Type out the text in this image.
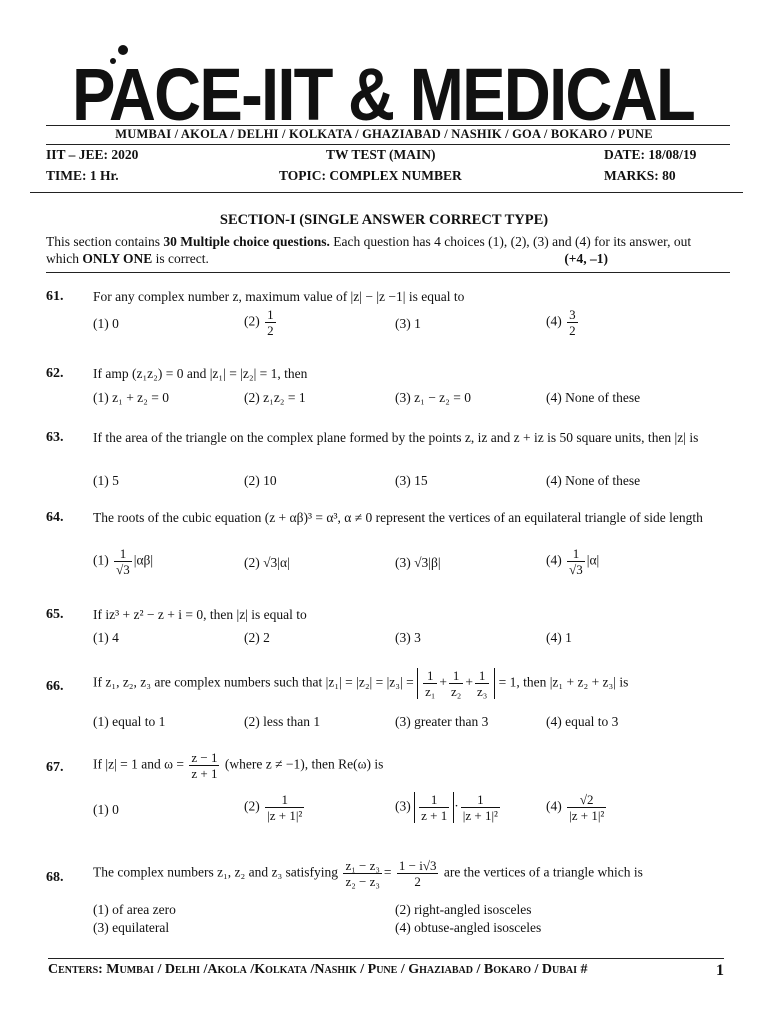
PACE-IIT & MEDICAL
MUMBAI / AKOLA / DELHI / KOLKATA / GHAZIABAD / NASHIK / GOA / BOKARO / PUNE
IIT – JEE: 2020	TW TEST (MAIN)	DATE: 18/08/19
TIME: 1 Hr.	TOPIC: COMPLEX NUMBER	MARKS: 80
SECTION-I (SINGLE ANSWER CORRECT TYPE)
This section contains 30 Multiple choice questions. Each question has 4 choices (1), (2), (3) and (4) for its answer, out which ONLY ONE is correct.	(+4, –1)
61. For any complex number z, maximum value of |z| − |z −1| is equal to
(1) 0	$(2) \frac{1}{2}$	(3) 1	$(4) \frac{3}{2}$
62. If amp (z₁z₂) = 0 and |z₁| = |z₂| = 1, then
(1) z₁ + z₂ = 0	(2) z₁z₂ = 1	(3) z₁ − z₂ = 0	(4) None of these
63. If the area of the triangle on the complex plane formed by the points z, iz and z + iz is 50 square units, then |z| is
(1) 5	(2) 10	(3) 15	(4) None of these
64. The roots of the cubic equation (z + αβ)³ = α³, α ≠ 0 represent the vertices of an equilateral triangle of side length
$(1) \frac{1}{√3} |\alpha\beta|$	(2) √3|α|	(3) √3|β|	$(4) \frac{1}{√3} |\alpha|$
65. If iz³ + z² − z + i = 0, then |z| is equal to
(1) 4	(2) 2	(3) 3	(4) 1
66. If z₁, z₂, z₃ are complex numbers such that $|z_1| = |z_2| = |z_3| = \frac{1}{\text{z₁}} + \frac{1}{\text{z₂}} + \frac{1}{\text{z₃}} = 1$, then |z₁ + z₂ + z₃| is
(1) equal to 1	(2) less than 1	(3) greater than 3	(4) equal to 3
67. If |z| = 1 and $\omega = \frac{z - 1}{z + 1}$ (where z ≠ −1), then Re(ω) is
(1) 0	$(2) \frac{1}{\text{|z + 1|²}}$	$(3) \frac{1}{z + 1} \cdot \frac{1}{\text{|z + 1|²}}$	$(4) \frac{√2}{\text{|z + 1|²}}$
68. The complex numbers z₁, z₂ and z₃ satisfying $\frac{\text{z₁ − z₃}}{\text{z₂ − z₃}} = \frac{1 - i√3}{2}$ are the vertices of a triangle which is
(1) of area zero	(2) right-angled isosceles
(3) equilateral	(4) obtuse-angled isosceles
Centers: Mumbai / Delhi /Akola /Kolkata /Nashik / Pune / Ghaziabad / Bokaro / Dubai #	1
